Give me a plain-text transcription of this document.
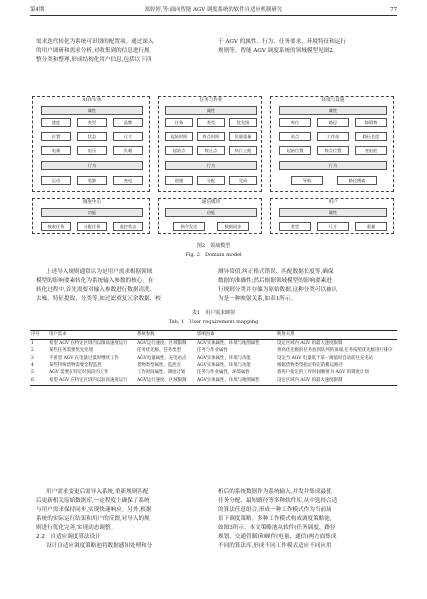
第4期	郑婷婷,等:面向智能 AGV 调度系统的软件自适应机制研究	77

需求迭代转化为系统可识别的配置项。通过深入

的用户调研和需求分析,对收集到的信息进行规

整分类和整理,形成结构化用户信息,包括以下四

于 AGV 的属性、行为、任务要求、环境特征和运行

规则等。智能 AGV 调度系统的领域模型见图2。

AGV实体
属性
速度	类型	品牌
位置	状态	尺寸
电量	电压	负载
行为
运动	装卸	充电
任务与作业
属性
任务	类型	优先级
起始时间	终点时间	负载重量
起始点	终止点	执行上限
行为
创建	分配	完成
环境与设施
属性
库位	路径	障碍物
站点	工作站	路径长度
起始位置	终点位置	充电桩
行为
导航	路径搜索
调度中心
功能
接收任务	分配任务	监控状态
通信模块
功能
指令发送	数据同步
用户
属性
类型	尺寸	重量
图2　领域模型
Fig. 2　Domain model

上述导入规则通常认为是用户需求根据领域

模型的影响要素转化为系统输入参数的核心。在

转化过程中,首先需要对输入参数进行数据清洗、

去噪、特征提取、分类等,如过滤重复冗余数据、校

测异常值,纠正格式错误、匹配数据长度等,确保

数据的准确性;然后根据领域模型的影响要素进

行规则分类并存储为原始数据,这种分类可以被认

为是一种映射关系,如表1所示。

表1　用户需求映射
Tab. 1　User requirement mapping
序号	用户需求	系统参数	影响因素	映射关系
1	希望 AGV 在特定区域内以限高速度运行	AGV运行速度、区域限制	AGV实体属性、环境与地图属性	设定区域内 AGV 的最大速度限制
2	某些任务需要优先处理	任务优先级、任务类型	任务与作业属性	将高优先级的任务放到队列的顶端,任务按照优先级进行排序
3	不希望 AGV 在电量过低时继续工作	AGV电量属性、充电站点	AGV实体属性、环境与功能	设定当 AGV 电量低于某一阈值时自动前往充电站
4	某些特殊货物需要全程监控	货物类型属性、监控点	AGV实体属性、环境与功能	根据货物类型指定特定的搬运路径
5	AGV 需要在特定时间段内工作	工作时间属性、调度计划	任务与作业属性、环境属性	将用户指定的工作时间映射为 AGV 的调度计划
6	希望 AGV 在特定区域内以较高速度运行	AGV运行速度、区域限制	AGV实体属性、环境与地图属性	设定区域内 AGV 的最大速度限制

用户需求变更后需导入系统,重新规则匹配

后更新相关原始数据库,一定程度上确保了系统

与用户需求保持同步,实现快速响应。另外,根据

系统的实际运行结果和用户的反馈,对导入的规

则进行优化完善,实现动态调整。

2.2　自适应调度算法设计

设计自适应调度策略池将数据感知处理和分

析后的系统数据作为系统输入,并发并集成最优

任务分配、最短路径等多种软件库,从中选择合适

的算法任意组合,形成一种工作模式作为当前场

景下调度策略。多种工作模式构成调度策略池,

如图3所示。本文策略池从软件(任务调度、路径

规划、交通管制)和硬件(电量、通信)两方面集成

不同的算法库,形成不同工作模式适应不同应用
